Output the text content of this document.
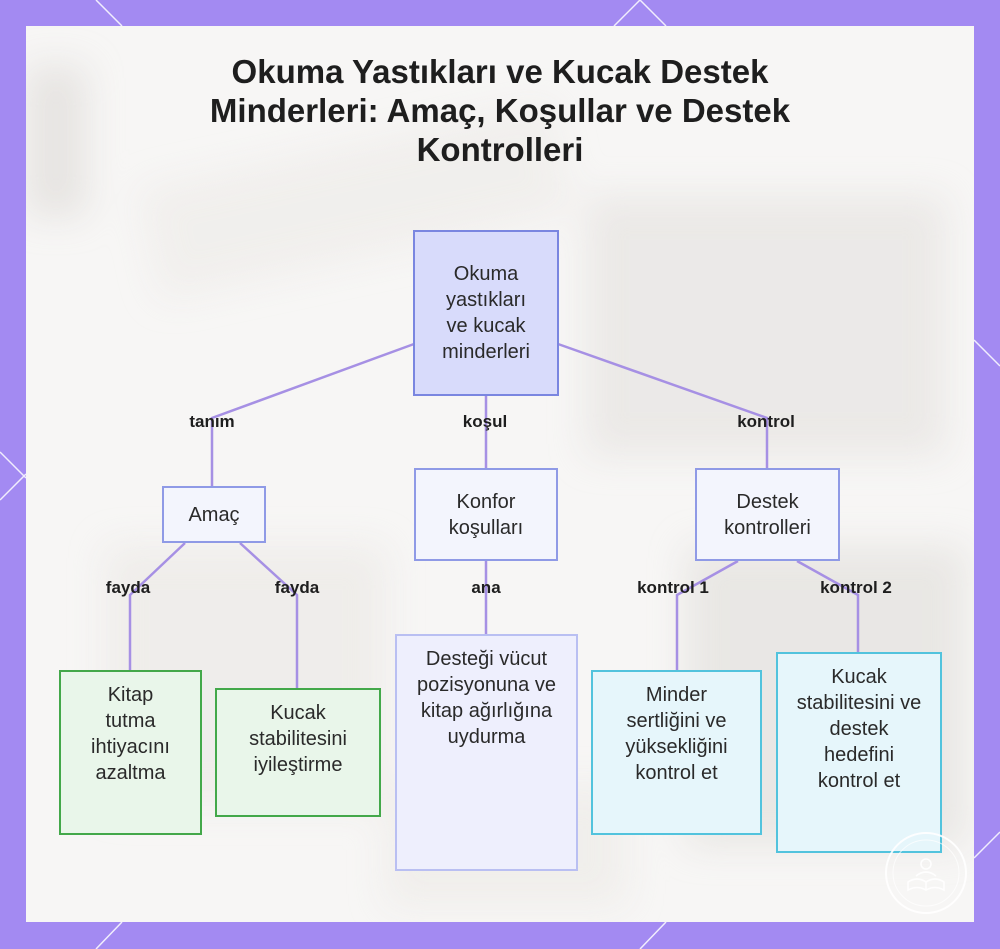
Okuma Yastıkları ve Kucak Destek Minderleri: Amaç, Koşullar ve Destek Kontrolleri
tanım	koşul	kontrol
fayda	fayda	ana	kontrol 1	kontrol 2
Okuma yastıkları ve kucak minderleri
Amaç
Konfor koşulları
Destek kontrolleri
Kitap tutma ihtiyacını azaltma
Kucak stabilitesini iyileştirme
Desteği vücut pozisyonuna ve kitap ağırlığına uydurma
Minder sertliğini ve yüksekliğini kontrol et
Kucak stabilitesini ve destek hedefini kontrol et
